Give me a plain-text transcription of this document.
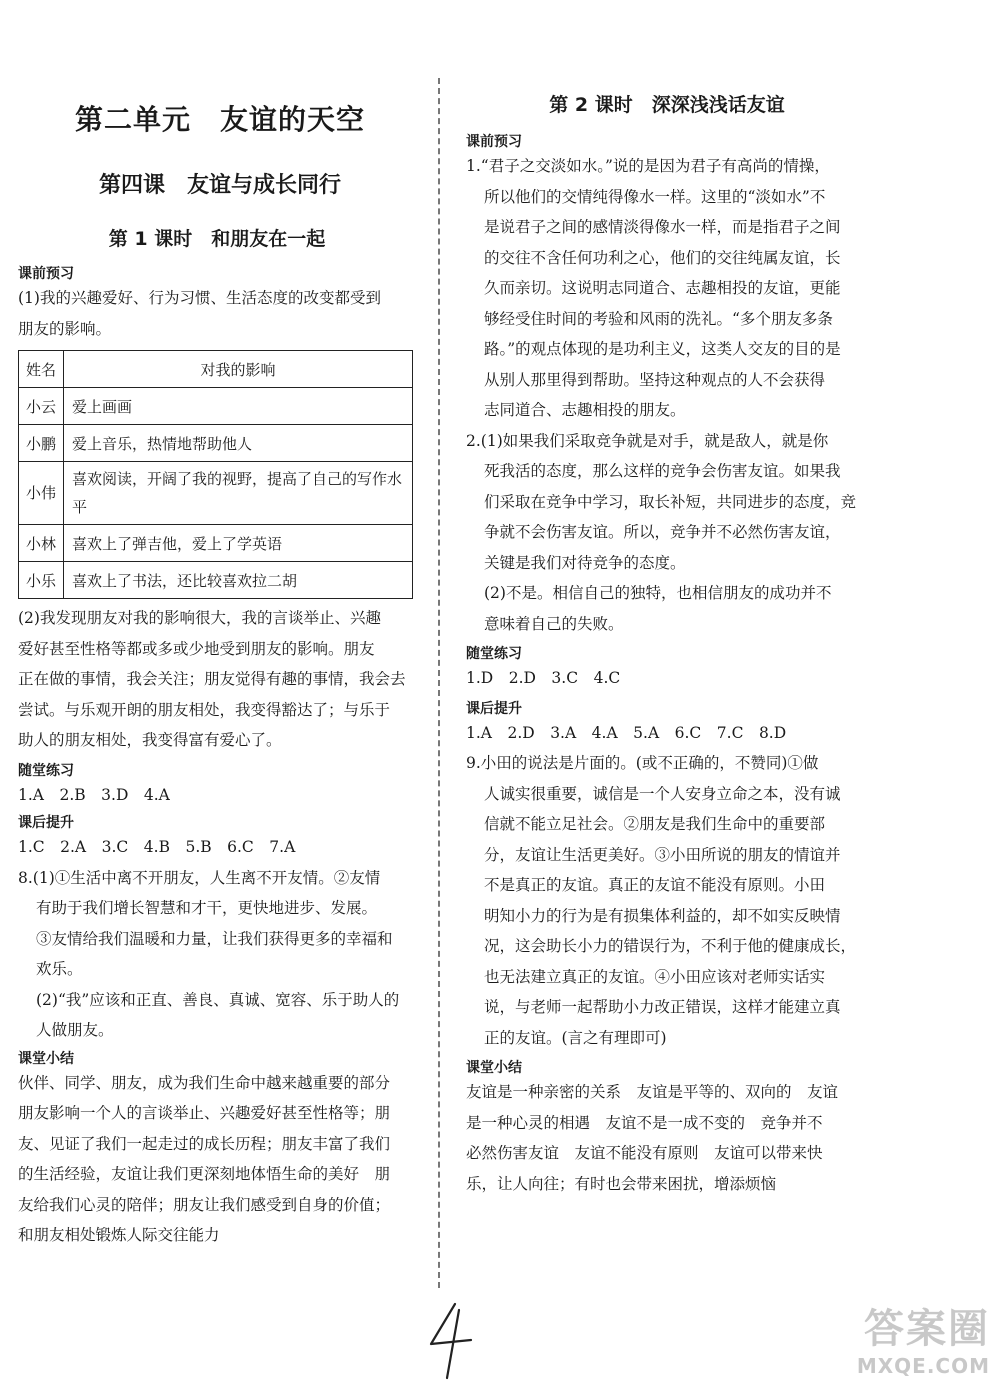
第二单元　友谊的天空
第四课　友谊与成长同行
第 1 课时　和朋友在一起
课前预习

(1)我的兴趣爱好、行为习惯、生活态度的改变都受到

朋友的影响。

姓名	对我的影响
小云	爱上画画
小鹏	爱上音乐，热情地帮助他人
小伟	喜欢阅读，开阔了我的视野，提高了自己的写作水平
小林	喜欢上了弹吉他，爱上了学英语
小乐	喜欢上了书法，还比较喜欢拉二胡

(2)我发现朋友对我的影响很大，我的言谈举止、兴趣

爱好甚至性格等都或多或少地受到朋友的影响。朋友

正在做的事情，我会关注；朋友觉得有趣的事情，我会去

尝试。与乐观开朗的朋友相处，我变得豁达了；与乐于

助人的朋友相处，我变得富有爱心了。

随堂练习

1.A　2.B　3.D　4.A

课后提升

1.C　2.A　3.C　4.B　5.B　6.C　7.A

8.(1)①生活中离不开朋友，人生离不开友情。②友情

有助于我们增长智慧和才干，更快地进步、发展。

③友情给我们温暖和力量，让我们获得更多的幸福和

欢乐。

(2)“我”应该和正直、善良、真诚、宽容、乐于助人的

人做朋友。

课堂小结

伙伴、同学、朋友，成为我们生命中越来越重要的部分

朋友影响一个人的言谈举止、兴趣爱好甚至性格等；朋

友、见证了我们一起走过的成长历程；朋友丰富了我们

的生活经验，友谊让我们更深刻地体悟生命的美好　朋

友给我们心灵的陪伴；朋友让我们感受到自身的价值；

和朋友相处锻炼人际交往能力

第 2 课时　深深浅浅话友谊
课前预习

1.“君子之交淡如水。”说的是因为君子有高尚的情操，

所以他们的交情纯得像水一样。这里的“淡如水”不

是说君子之间的感情淡得像水一样，而是指君子之间

的交往不含任何功利之心，他们的交往纯属友谊，长

久而亲切。这说明志同道合、志趣相投的友谊，更能

够经受住时间的考验和风雨的洗礼。“多个朋友多条

路。”的观点体现的是功利主义，这类人交友的目的是

从别人那里得到帮助。坚持这种观点的人不会获得

志同道合、志趣相投的朋友。

2.(1)如果我们采取竞争就是对手，就是敌人，就是你

死我活的态度，那么这样的竞争会伤害友谊。如果我

们采取在竞争中学习，取长补短，共同进步的态度，竞

争就不会伤害友谊。所以，竞争并不必然伤害友谊，

关键是我们对待竞争的态度。

(2)不是。相信自己的独特，也相信朋友的成功并不

意味着自己的失败。

随堂练习

1.D　2.D　3.C　4.C

课后提升

1.A　2.D　3.A　4.A　5.A　6.C　7.C　8.D

9.小田的说法是片面的。(或不正确的，不赞同)①做

人诚实很重要，诚信是一个人安身立命之本，没有诚

信就不能立足社会。②朋友是我们生命中的重要部

分，友谊让生活更美好。③小田所说的朋友的情谊并

不是真正的友谊。真正的友谊不能没有原则。小田

明知小力的行为是有损集体利益的，却不如实反映情

况，这会助长小力的错误行为，不利于他的健康成长，

也无法建立真正的友谊。④小田应该对老师实话实

说，与老师一起帮助小力改正错误，这样才能建立真

正的友谊。(言之有理即可)

课堂小结

友谊是一种亲密的关系　友谊是平等的、双向的　友谊

是一种心灵的相遇　友谊不是一成不变的　竞争并不

必然伤害友谊　友谊不能没有原则　友谊可以带来快

乐，让人向往；有时也会带来困扰，增添烦恼

答案圈
MXQE.COM
